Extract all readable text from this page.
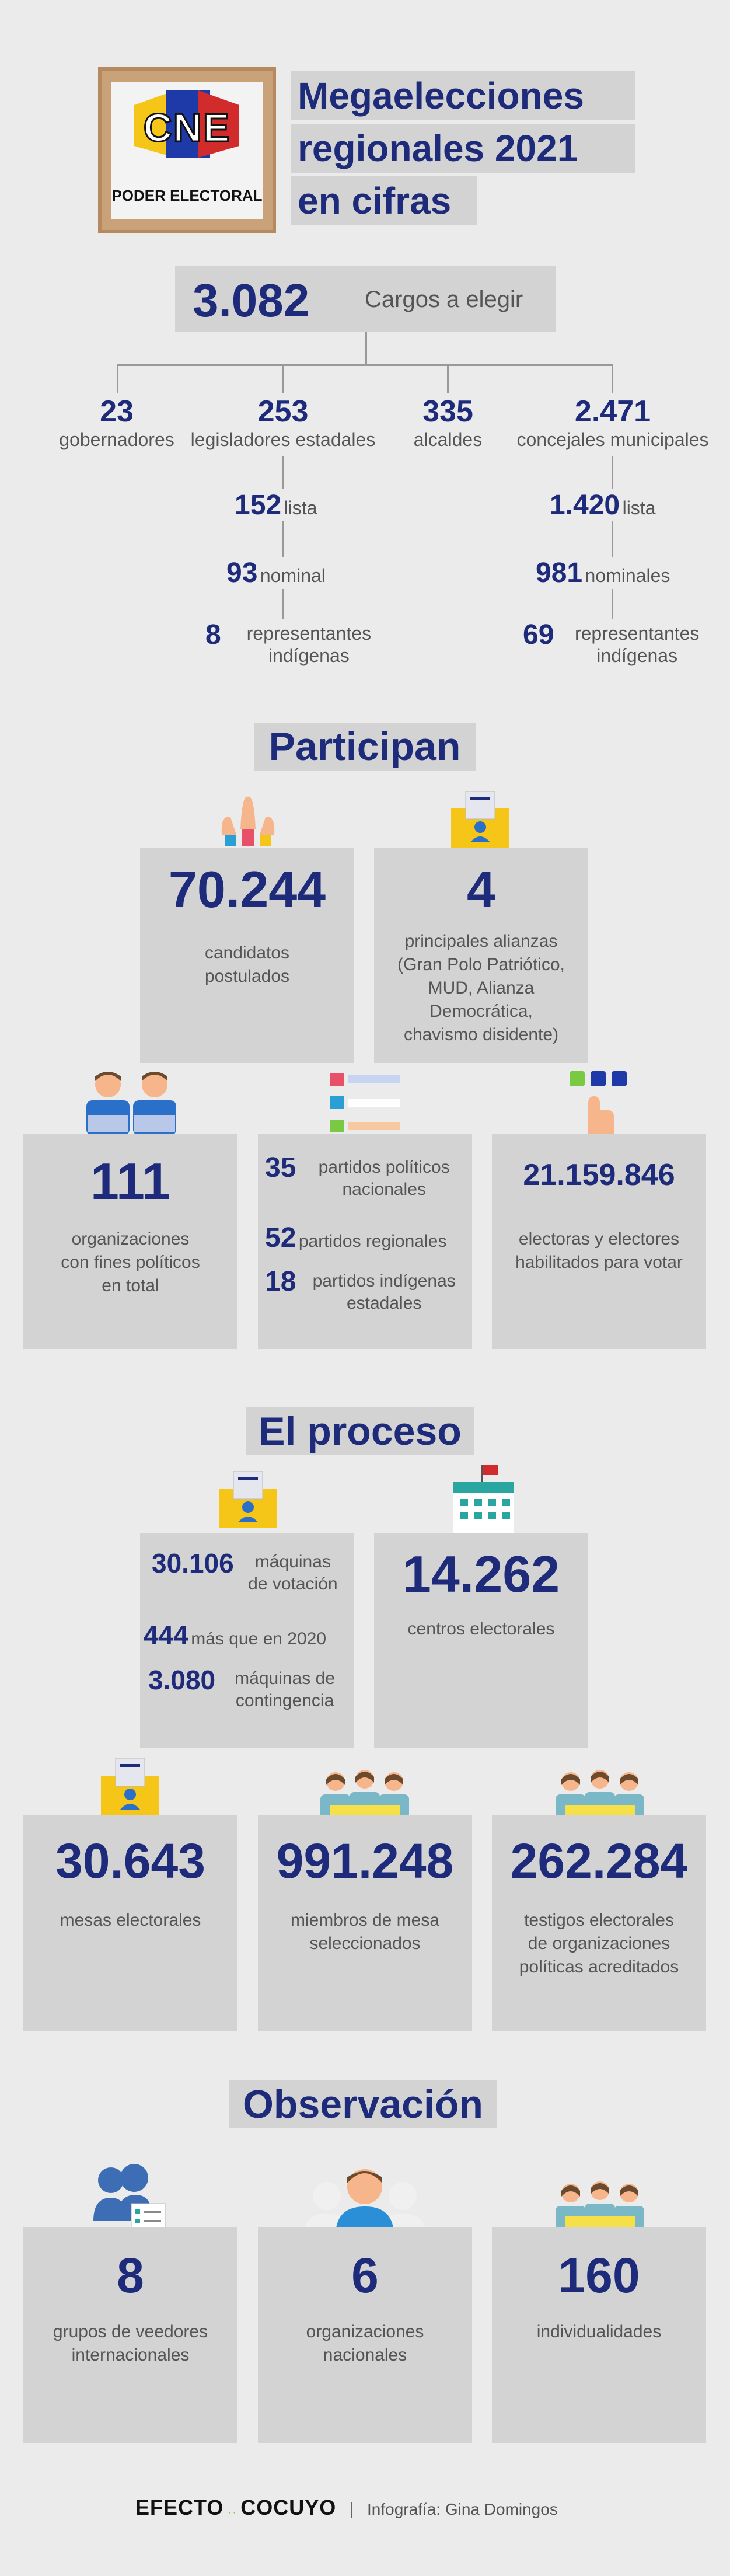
CNE
PODER ELECTORAL
Megaelecciones
regionales 2021
en cifras
3.082 Cargos a elegir
23
gobernadores
253
legisladores estadales
335
alcaldes
2.471
concejales municipales
152 lista
93 nominal
8	representantes
indígenas
1.420 lista
981 nominales
69	representantes
indígenas
Participan
70.244
candidatos
postulados
4
principales alianzas
(Gran Polo Patriótico,
MUD, Alianza
Democrática,
chavismo disidente)
111
organizaciones
con fines políticos
en total
35	partidos políticos
nacionales
52 partidos regionales
18 partidos indígenas
estadales
21.159.846
electoras y electores
habilitados para votar
El proceso
30.106	máquinas
de votación
444 más que en 2020
3.080	máquinas de
contingencia
14.262
centros electorales
30.643
mesas electorales
991.248
miembros de mesa
seleccionados
262.284
testigos electorales
de organizaciones
políticas acreditados
Observación
8
grupos de veedores
internacionales
6
organizaciones
nacionales
160
individualidades
EFECTO ·· COCUYO | Infografía: Gina Domingos
